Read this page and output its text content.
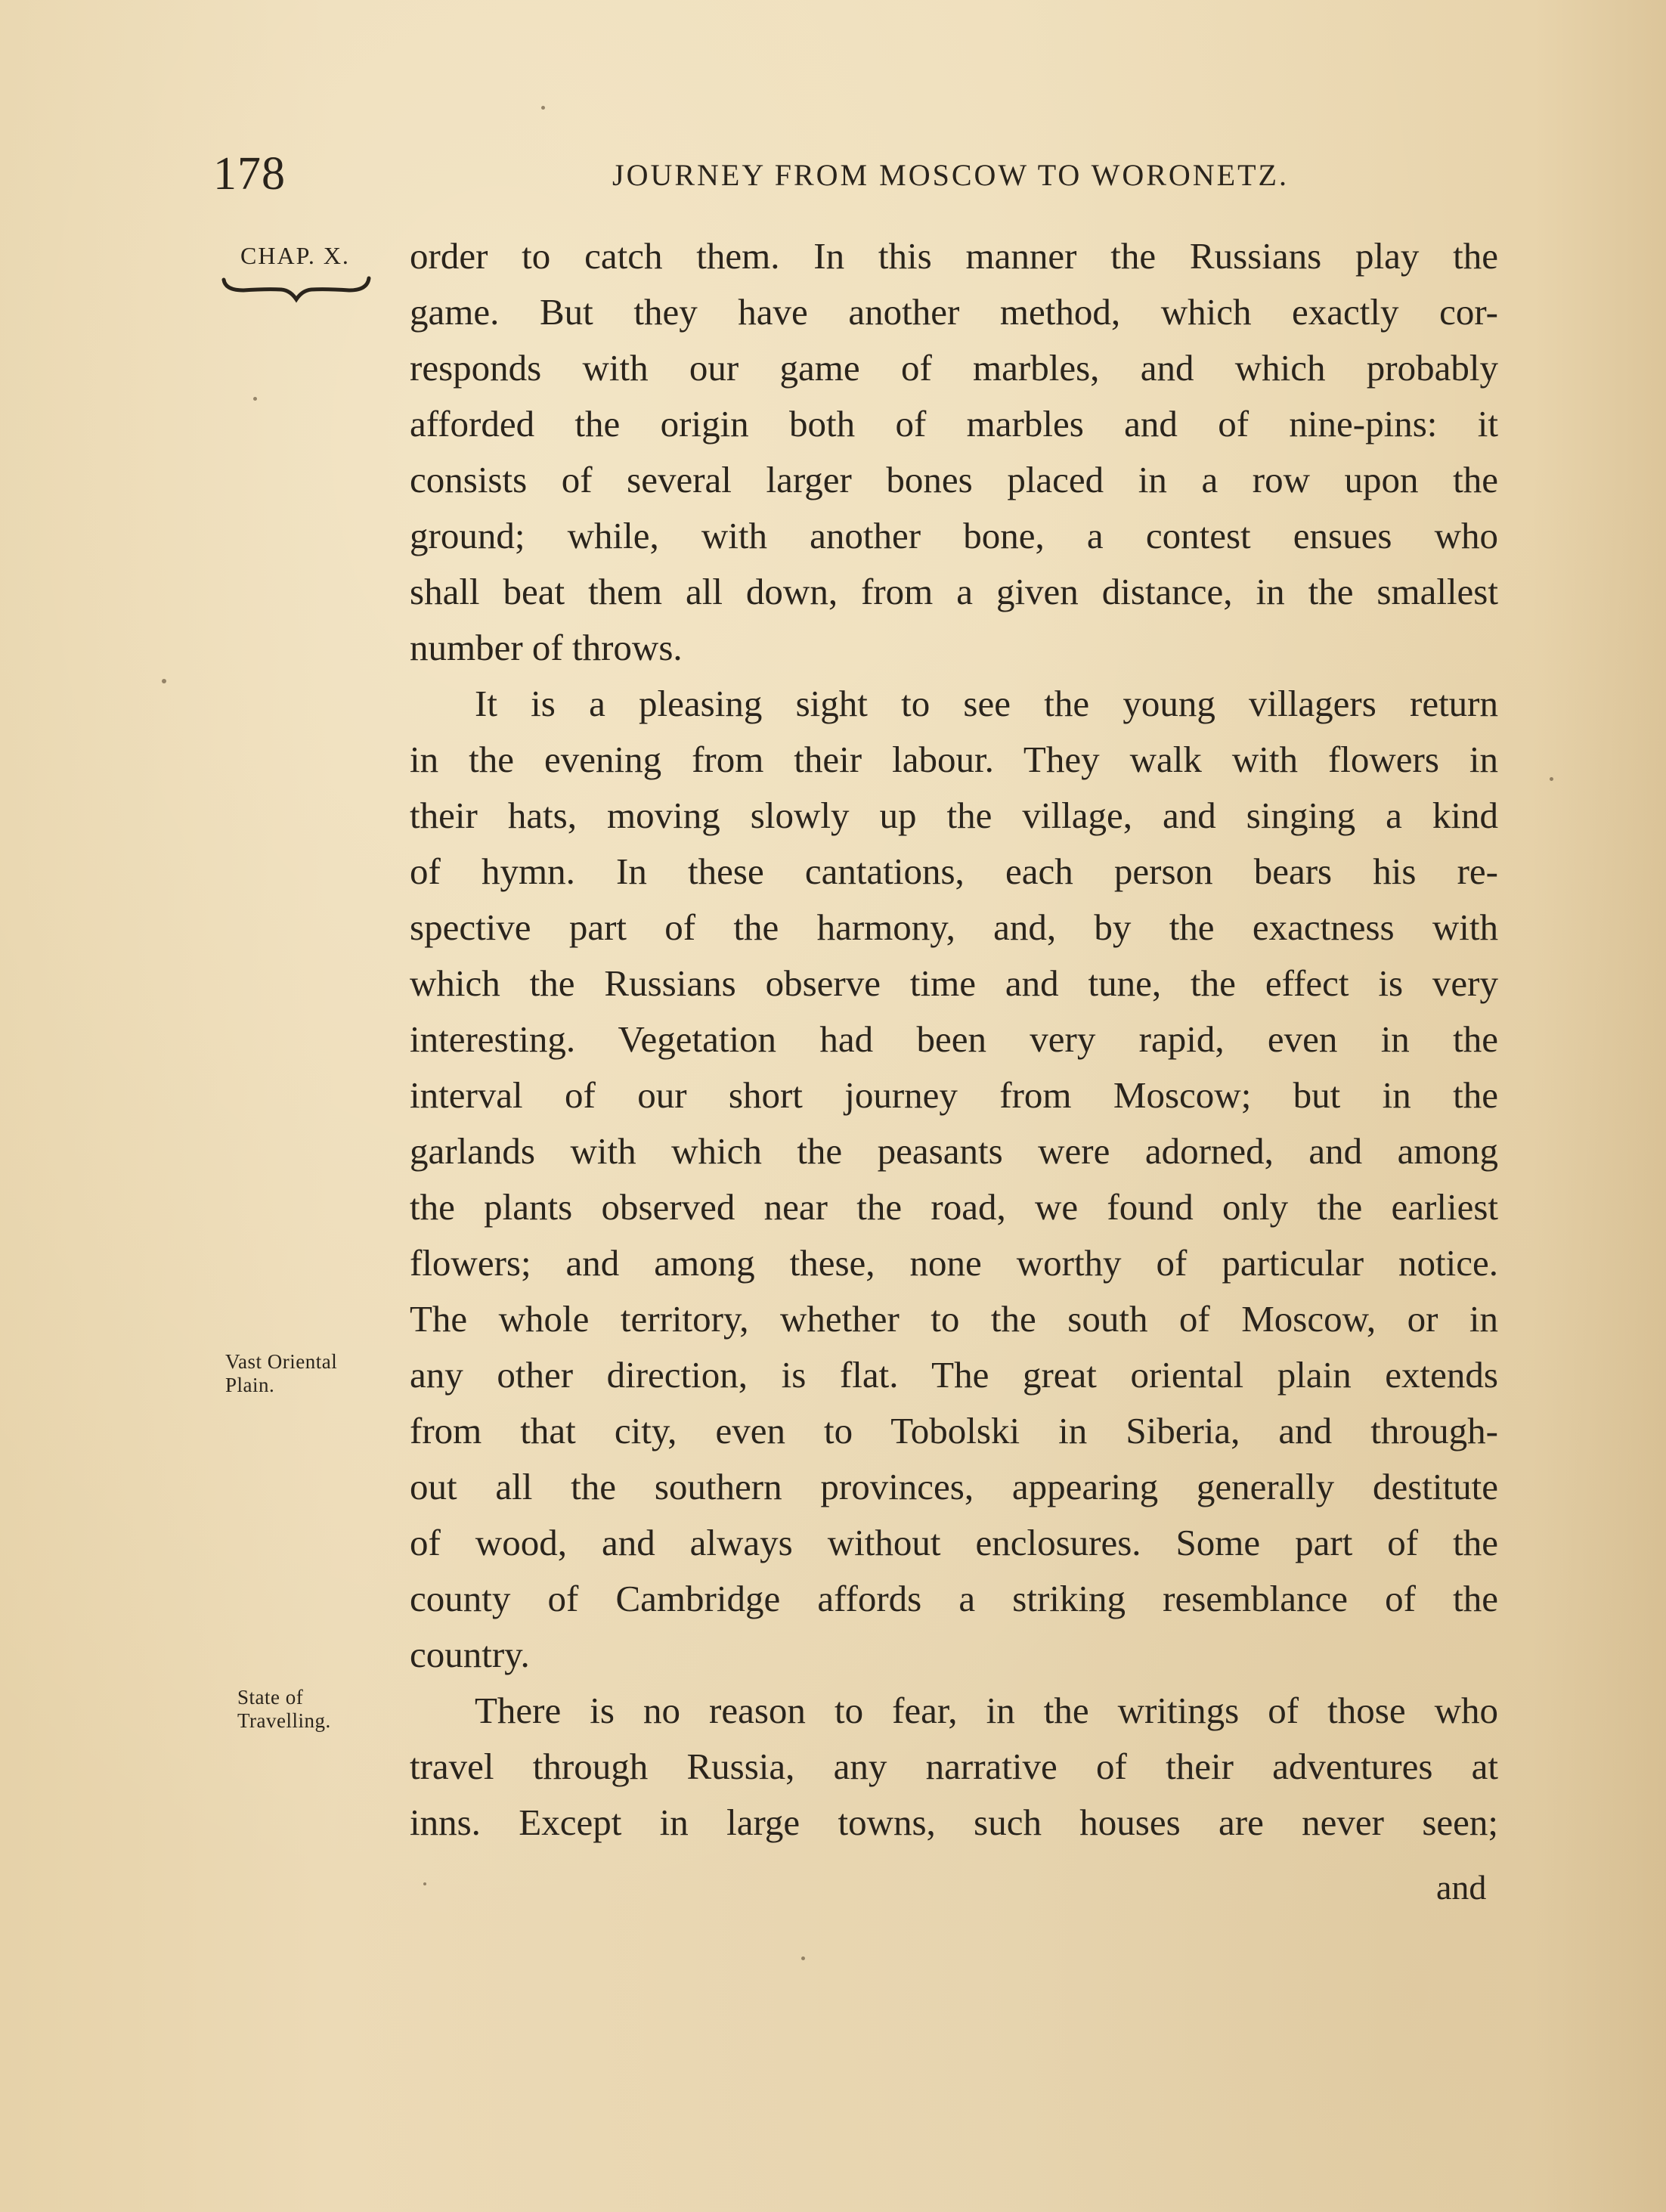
178	JOURNEY FROM MOSCOW TO WORONETZ.
CHAP. X.
Vast Oriental
Plain.
State of
Travelling.
order to catch them. In this manner the Russians play the
game. But they have another method, which exactly cor-
responds with our game of marbles, and which probably
afforded the origin both of marbles and of nine-pins: it
consists of several larger bones placed in a row upon the
ground; while, with another bone, a contest ensues who
shall beat them all down, from a given distance, in the smallest
number of throws.
It is a pleasing sight to see the young villagers return
in the evening from their labour. They walk with flowers in
their hats, moving slowly up the village, and singing a kind
of hymn. In these cantations, each person bears his re-
spective part of the harmony, and, by the exactness with
which the Russians observe time and tune, the effect is very
interesting. Vegetation had been very rapid, even in the
interval of our short journey from Moscow; but in the
garlands with which the peasants were adorned, and among
the plants observed near the road, we found only the earliest
flowers; and among these, none worthy of particular notice.
The whole territory, whether to the south of Moscow, or in
any other direction, is flat. The great oriental plain extends
from that city, even to Tobolski in Siberia, and through-
out all the southern provinces, appearing generally destitute
of wood, and always without enclosures. Some part of the
county of Cambridge affords a striking resemblance of the
country.
There is no reason to fear, in the writings of those who
travel through Russia, any narrative of their adventures at
inns. Except in large towns, such houses are never seen;
and
